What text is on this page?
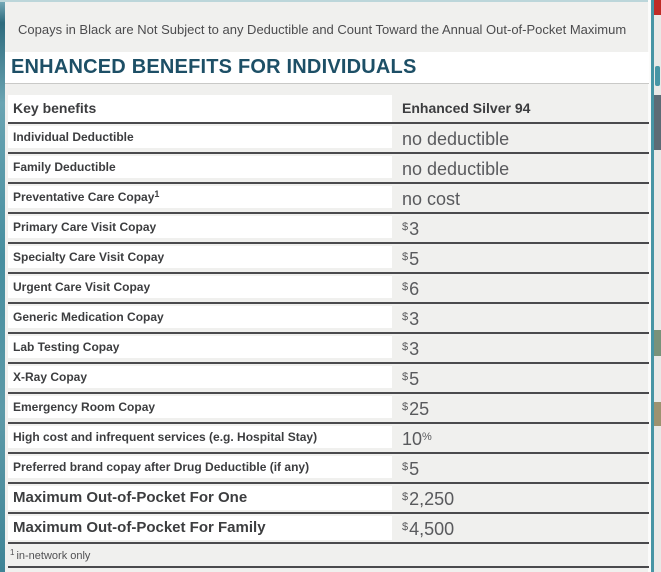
Copays in Black are Not Subject to any Deductible and Count Toward the Annual Out-of-Pocket Maximum
ENHANCED BENEFITS FOR INDIVIDUALS
Key benefits	Enhanced Silver 94
Individual Deductible	no deductible
Family Deductible	no deductible
Preventative Care Copay$^1$	no cost
Primary Care Visit Copay	$3
Specialty Care Visit Copay	$5
Urgent Care Visit Copay	$6
Generic Medication Copay	$3
Lab Testing Copay	$3
X-Ray Copay	$5
Emergency Room Copay	$25
High cost and infrequent services (e.g. Hospital Stay)	10%
Preferred brand copay after Drug Deductible (if any)	$5
Maximum Out-of-Pocket For One	$2,250
Maximum Out-of-Pocket For Family	$4,500
$^1$ in-network only
